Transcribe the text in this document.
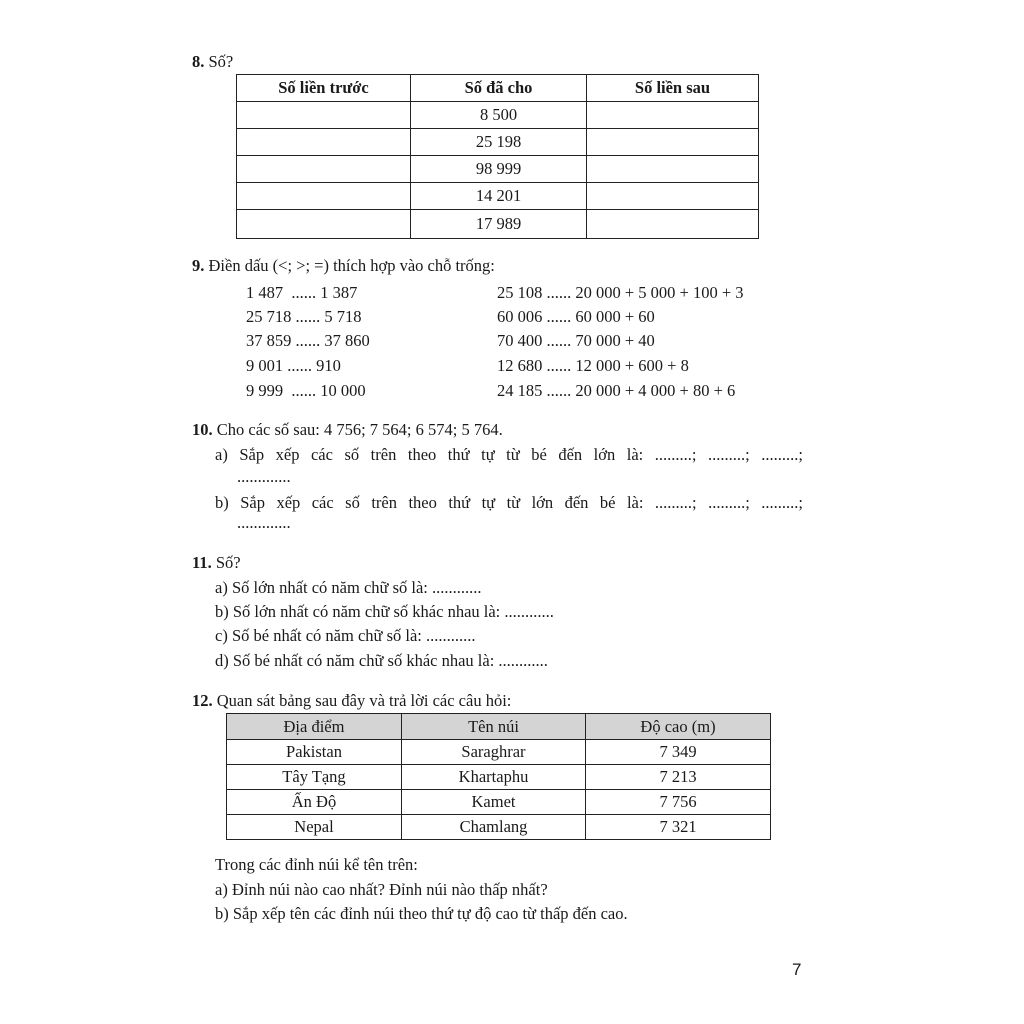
8. Số?
Số liền trước	Số đã cho	Số liền sau
	8 500	
	25 198	
	98 999	
	14 201	
	17 989	
9. Điền dấu (<; >; =) thích hợp vào chỗ trống:
1 487  ...... 1 387
25 718 ...... 5 718
37 859 ...... 37 860
9 001 ...... 910
9 999  ...... 10 000
25 108 ...... 20 000 + 5 000 + 100 + 3
60 006 ...... 60 000 + 60
70 400 ...... 70 000 + 40
12 680 ...... 12 000 + 600 + 8
24 185 ...... 20 000 + 4 000 + 80 + 6
10. Cho các số sau: 4 756; 7 564; 6 574; 5 764.
a) Sắp xếp các số trên theo thứ tự từ bé đến lớn là: .........; .........; .........;
.............
b) Sắp xếp các số trên theo thứ tự từ lớn đến bé là: .........; .........; .........;
.............
11. Số?
a) Số lớn nhất có năm chữ số là: ............
b) Số lớn nhất có năm chữ số khác nhau là: ............
c) Số bé nhất có năm chữ số là: ............
d) Số bé nhất có năm chữ số khác nhau là: ............
12. Quan sát bảng sau đây và trả lời các câu hỏi:
Địa điểm	Tên núi	Độ cao (m)
Pakistan	Saraghrar	7 349
Tây Tạng	Khartaphu	7 213
Ấn Độ	Kamet	7 756
Nepal	Chamlang	7 321
Trong các đỉnh núi kể tên trên:
a) Đỉnh núi nào cao nhất? Đỉnh núi nào thấp nhất?
b) Sắp xếp tên các đỉnh núi theo thứ tự độ cao từ thấp đến cao.
7
